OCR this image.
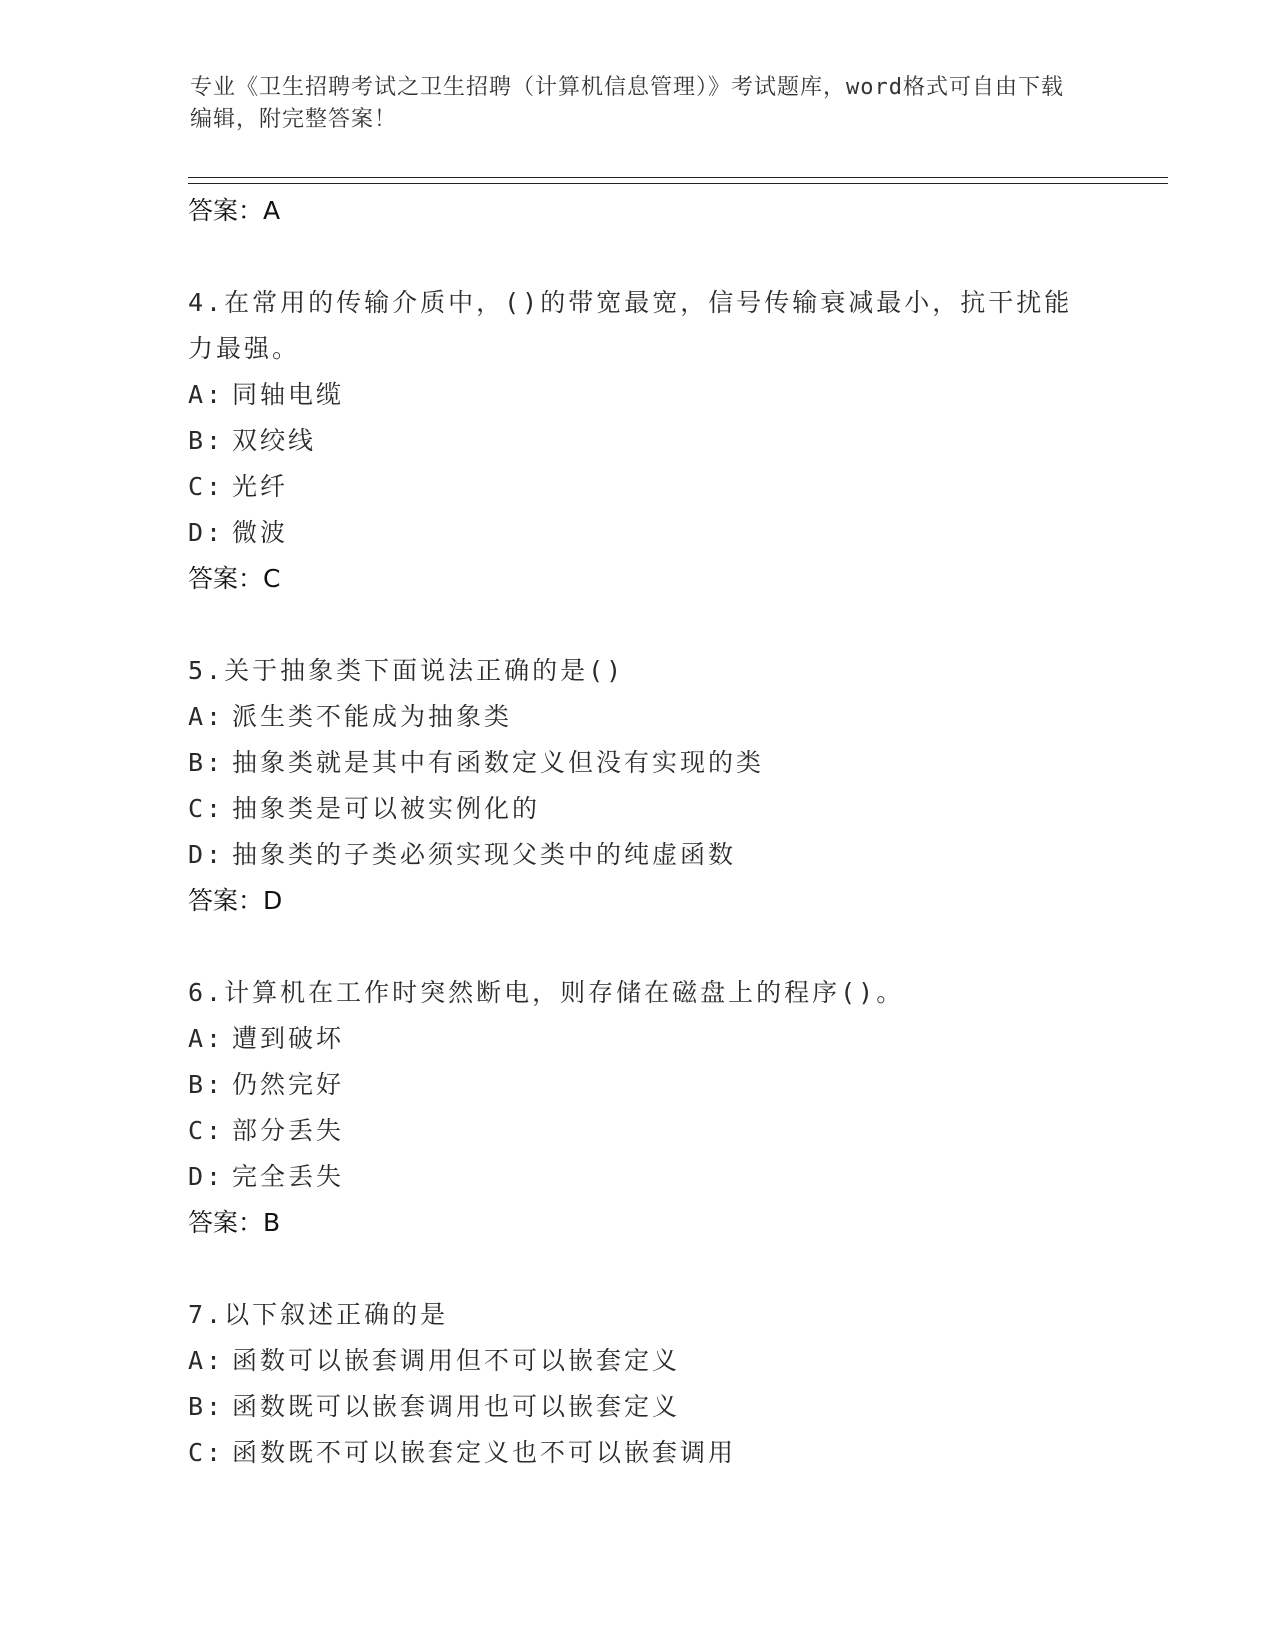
专业《卫生招聘考试之卫生招聘（计算机信息管理）》考试题库，word格式可自由下载编辑，附完整答案！
答案：A
4.在常用的传输介质中，()的带宽最宽，信号传输衰减最小，抗干扰能力最强。
A: 同轴电缆
B: 双绞线
C: 光纤
D: 微波
答案：C
5.关于抽象类下面说法正确的是()
A: 派生类不能成为抽象类
B: 抽象类就是其中有函数定义但没有实现的类
C: 抽象类是可以被实例化的
D: 抽象类的子类必须实现父类中的纯虚函数
答案：D
6.计算机在工作时突然断电，则存储在磁盘上的程序()。
A: 遭到破坏
B: 仍然完好
C: 部分丢失
D: 完全丢失
答案：B
7.以下叙述正确的是
A: 函数可以嵌套调用但不可以嵌套定义
B: 函数既可以嵌套调用也可以嵌套定义
C: 函数既不可以嵌套定义也不可以嵌套调用
